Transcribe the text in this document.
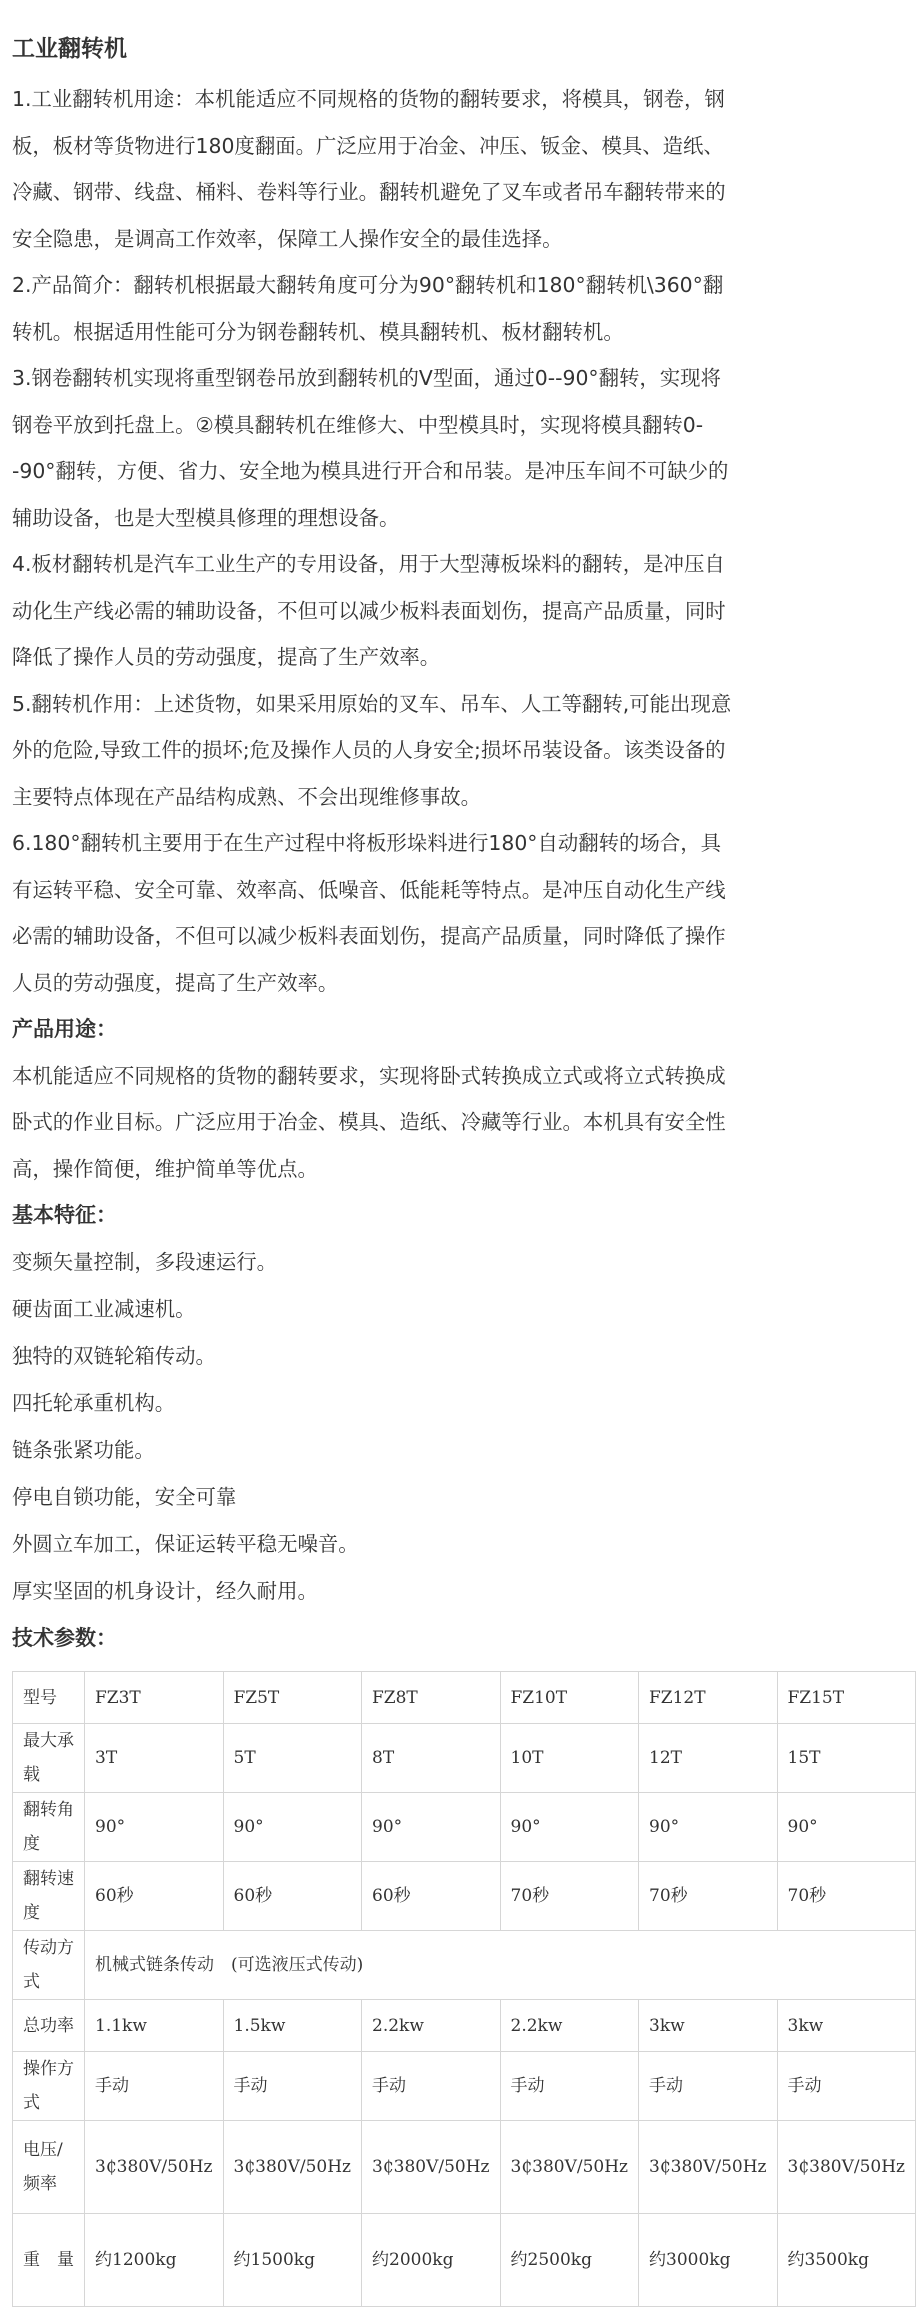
工业翻转机

1.工业翻转机用途：本机能适应不同规格的货物的翻转要求，将模具，钢卷，钢板，板材等货物进行180度翻面。广泛应用于冶金、冲压、钣金、模具、造纸、冷藏、钢带、线盘、桶料、卷料等行业。翻转机避免了叉车或者吊车翻转带来的安全隐患，是调高工作效率，保障工人操作安全的最佳选择。

2.产品简介：翻转机根据最大翻转角度可分为90°翻转机和180°翻转机\360°翻转机。根据适用性能可分为钢卷翻转机、模具翻转机、板材翻转机。

3.钢卷翻转机实现将重型钢卷吊放到翻转机的V型面，通过0--90°翻转，实现将钢卷平放到托盘上。②模具翻转机在维修大、中型模具时，实现将模具翻转0--90°翻转，方便、省力、安全地为模具进行开合和吊装。是冲压车间不可缺少的辅助设备，也是大型模具修理的理想设备。

4.板材翻转机是汽车工业生产的专用设备，用于大型薄板垛料的翻转，是冲压自动化生产线必需的辅助设备，不但可以减少板料表面划伤，提高产品质量，同时降低了操作人员的劳动强度，提高了生产效率。

5.翻转机作用：上述货物，如果采用原始的叉车、吊车、人工等翻转,可能出现意外的危险,导致工件的损坏;危及操作人员的人身安全;损坏吊装设备。该类设备的主要特点体现在产品结构成熟、不会出现维修事故。

6.180°翻转机主要用于在生产过程中将板形垛料进行180°自动翻转的场合，具有运转平稳、安全可靠、效率高、低噪音、低能耗等特点。是冲压自动化生产线必需的辅助设备，不但可以减少板料表面划伤，提高产品质量，同时降低了操作人员的劳动强度，提高了生产效率。

产品用途：

本机能适应不同规格的货物的翻转要求，实现将卧式转换成立式或将立式转换成卧式的作业目标。广泛应用于冶金、模具、造纸、冷藏等行业。本机具有安全性高，操作简便，维护简单等优点。

基本特征：
变频矢量控制，多段速运行。
硬齿面工业减速机。
独特的双链轮箱传动。
四托轮承重机构。
链条张紧功能。
停电自锁功能，安全可靠
外圆立车加工，保证运转平稳无噪音。
厚实坚固的机身设计，经久耐用。
技术参数：
型号	FZ3T	FZ5T	FZ8T	FZ10T	FZ12T	FZ15T
最大承载	3T	5T	8T	10T	12T	15T
翻转角度	90°	90°	90°	90°	90°	90°
翻转速度	60秒	60秒	60秒	70秒	70秒	70秒
传动方式	机械式链条传动　(可选液压式传动)					

总 功 率	1.1kw	1.5kw	2.2kw	2.2kw	3kw	3kw
操作方式	手动	手动	手动	手动	手动	手动
电压/频率	3₵380V/50Hz	3₵380V/50Hz	3₵380V/50Hz	3₵380V/50Hz	3₵380V/50Hz	3₵380V/50Hz

重 量	约1200kg	约1500kg	约2000kg	约2500kg	约3000kg	约3500kg
